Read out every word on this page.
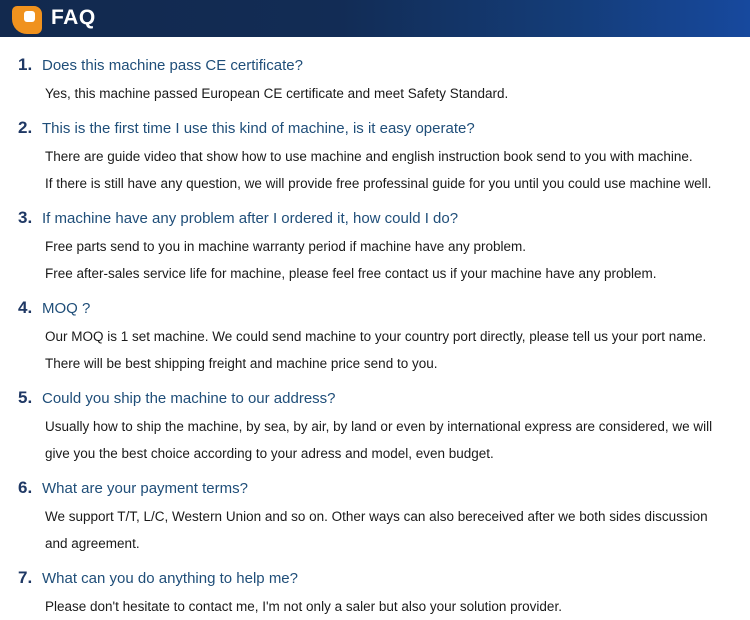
FAQ
1. Does this machine pass CE certificate?

Yes, this machine passed European CE certificate and meet Safety Standard.

2. This is the first time I use this kind of machine, is it easy operate?

There are guide video that show how to use machine and english instruction book send to you with machine.

If there is still have any question, we will provide free professinal guide for you until you could use machine well.

3. If machine have any problem after I ordered it, how could I do?

Free parts send to you in machine warranty period if machine have any problem.

Free after-sales service life for machine, please feel free contact us if your machine have any problem.

4. MOQ ?

Our MOQ is 1 set machine. We could send machine to your country port directly, please tell us your port name. There will be best shipping freight and machine price send to you.

5. Could you ship the machine to our address?

Usually how to ship the machine, by sea, by air, by land or even by international express are considered, we will give you the best choice according to your adress and model, even budget.

6. What are your payment terms?

We support T/T, L/C, Western Union and so on. Other ways can also bereceived after we both sides discussion and agreement.

7. What can you do anything to help me?

Please don't hesitate to contact me, I'm not only a saler but also your solution provider.
